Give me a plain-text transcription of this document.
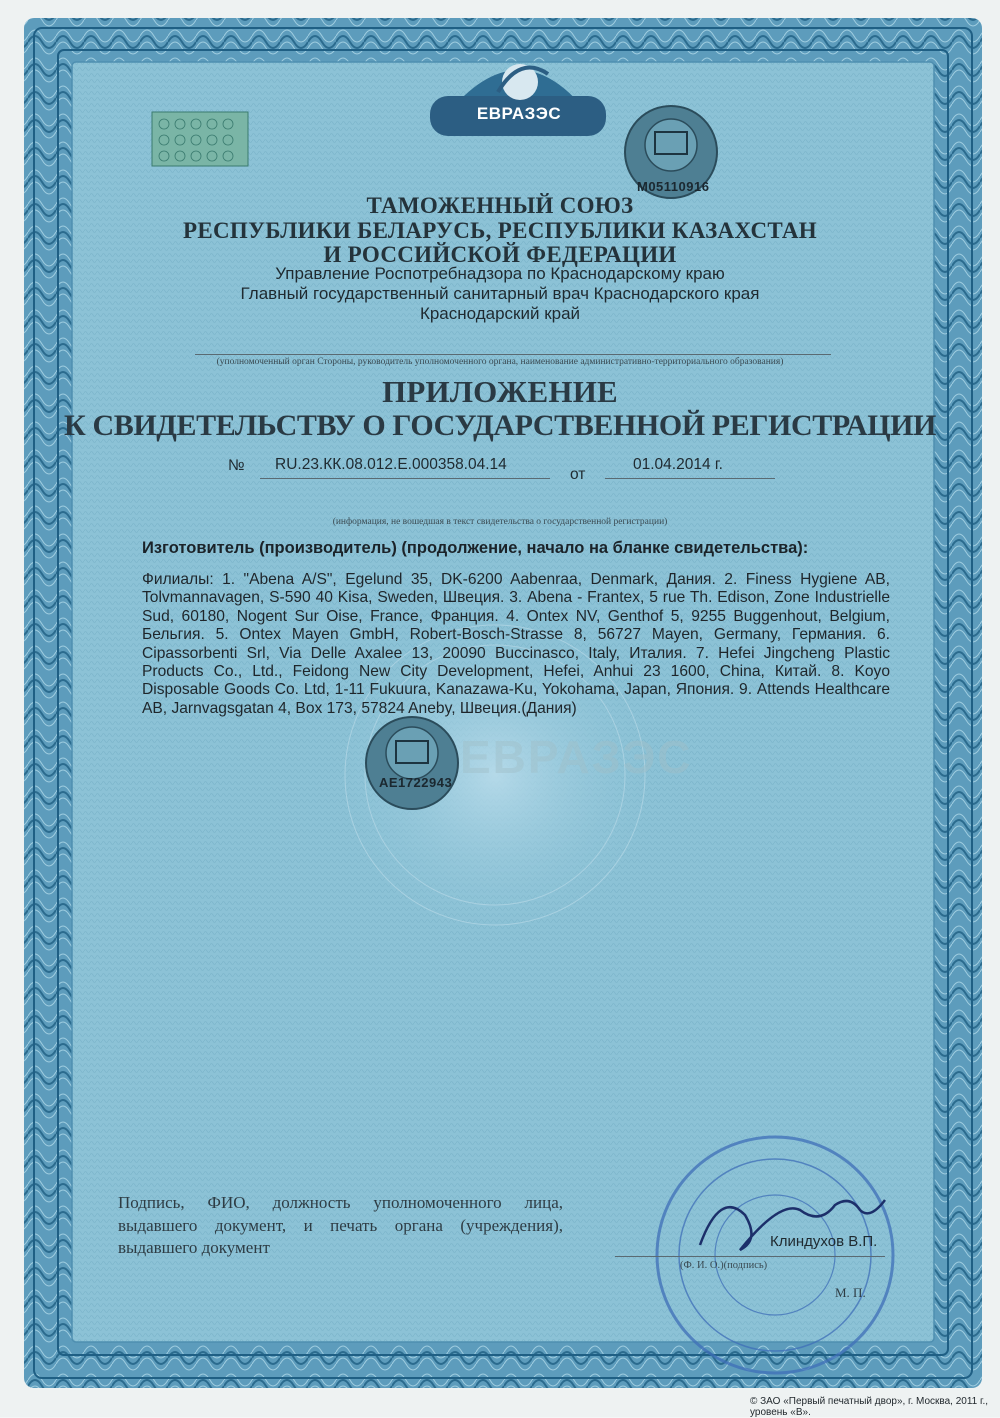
ЕВРАЗЭС
M05110916
AE1722943 ЕВРАЗЭС
ТАМОЖЕННЫЙ СОЮЗ
РЕСПУБЛИКИ БЕЛАРУСЬ, РЕСПУБЛИКИ КАЗАХСТАН
И РОССИЙСКОЙ ФЕДЕРАЦИИ
Управление Роспотребнадзора по Краснодарскому краю
Главный государственный санитарный врач Краснодарского края
Краснодарский край
(уполномоченный орган Стороны, руководитель уполномоченного органа, наименование административно-территориального образования)
ПРИЛОЖЕНИЕ
К СВИДЕТЕЛЬСТВУ О ГОСУДАРСТВЕННОЙ РЕГИСТРАЦИИ
№ RU.23.КК.08.012.Е.000358.04.14
от
01.04.2014 г.
(информация, не вошедшая в текст свидетельства о государственной регистрации)
Изготовитель (производитель) (продолжение, начало на бланке свидетельства):
Филиалы: 1. "Abena A/S", Egelund 35, DK-6200 Aabenraa, Denmark, Дания. 2. Finess Hygiene AB, Tolvmannavagen, S-590 40 Kisa, Sweden, Швеция. 3. Abena - Frantex, 5 rue Th. Edison, Zone Industrielle Sud, 60180, Nogent Sur Oise, France, Франция. 4. Ontex NV, Genthof 5, 9255 Buggenhout, Belgium, Бельгия. 5. Ontex Mayen GmbH, Robert-Bosch-Strasse 8, 56727 Mayen, Germany, Германия. 6. Cipassorbenti Srl, Via Delle Axalee 13, 20090 Buccinasco, Italy, Италия. 7. Hefei Jingcheng Plastic Products Co., Ltd., Feidong New City Development, Hefei, Anhui 23 1600, China, Китай. 8. Koyo Disposable Goods Co. Ltd, 1-11 Fukuura, Kanazawa-Ku, Yokohama, Japan, Япония. 9. Attends Healthcare AB, Jarnvagsgatan 4, Box 173, 57824 Aneby, Швеция.(Дания)
Подпись, ФИО, должность уполномоченного лица, выдавшего документ, и печать органа (учреждения), выдавшего документ	Клиндухов В.П.
(Ф. И. О.)(подпись)
М. П.
© ЗАО «Первый печатный двор», г. Москва, 2011 г., уровень «В».
